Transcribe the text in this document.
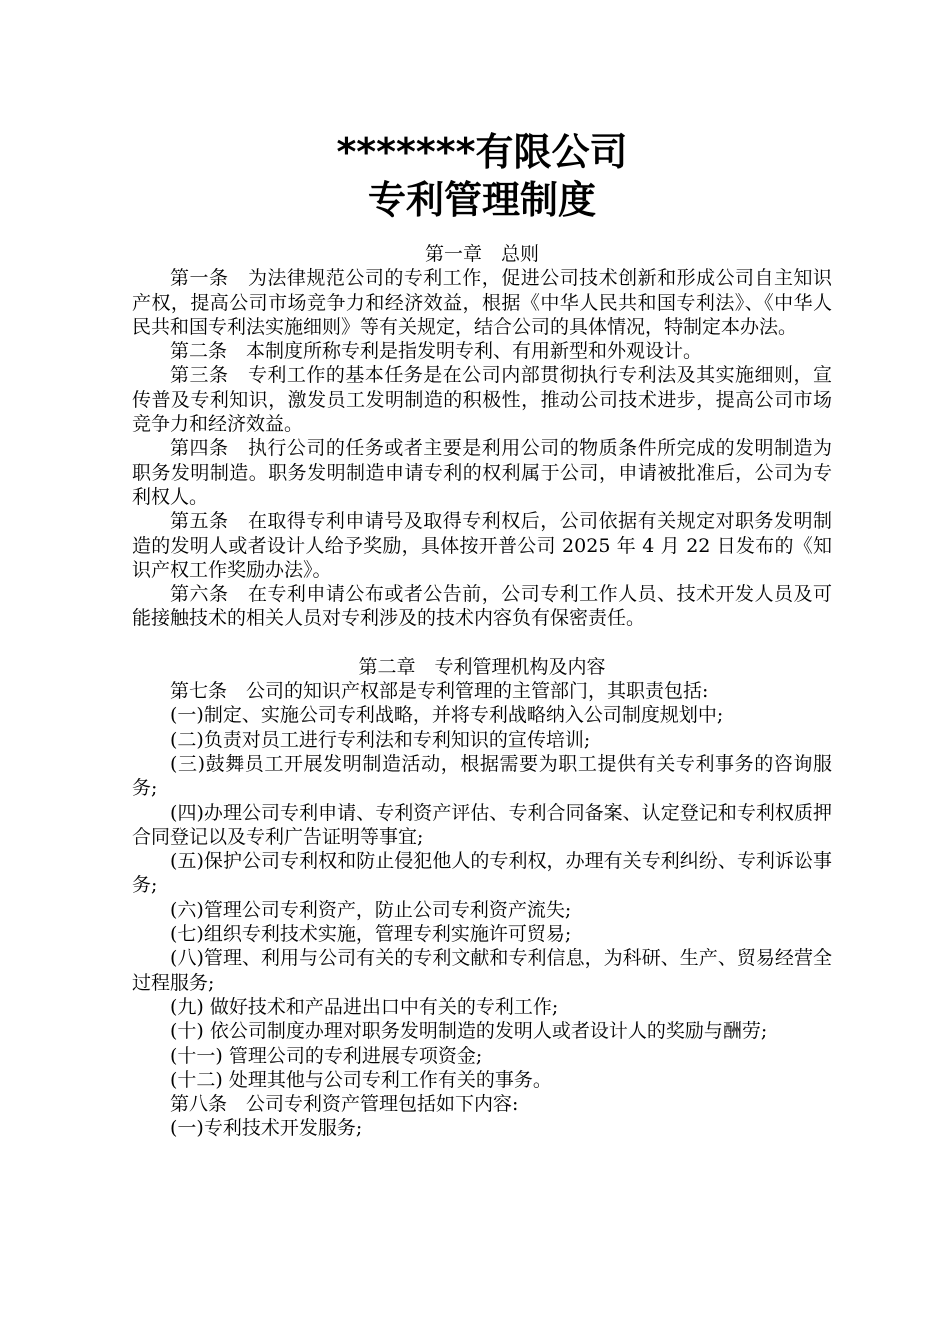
*******有限公司
专利管理制度
第一章　总则

第一条　为法律规范公司的专利工作，促进公司技术创新和形成公司自主知识产权，提高公司市场竞争力和经济效益，根据《中华人民共和国专利法》、《中华人民共和国专利法实施细则》等有关规定，结合公司的具体情况，特制定本办法。

第二条　本制度所称专利是指发明专利、有用新型和外观设计。

第三条　专利工作的基本任务是在公司内部贯彻执行专利法及其实施细则，宣传普及专利知识，激发员工发明制造的积极性，推动公司技术进步，提高公司市场竞争力和经济效益。

第四条　执行公司的任务或者主要是利用公司的物质条件所完成的发明制造为职务发明制造。职务发明制造申请专利的权利属于公司，申请被批准后，公司为专利权人。

第五条　在取得专利申请号及取得专利权后，公司依据有关规定对职务发明制造的发明人或者设计人给予奖励，具体按开普公司 2025 年 4 月 22 日发布的《知识产权工作奖励办法》。

第六条　在专利申请公布或者公告前，公司专利工作人员、技术开发人员及可能接触技术的相关人员对专利涉及的技术内容负有保密责任。

第二章　专利管理机构及内容

第七条　公司的知识产权部是专利管理的主管部门，其职责包括:

(一)制定、实施公司专利战略，并将专利战略纳入公司制度规划中;

(二)负责对员工进行专利法和专利知识的宣传培训;

(三)鼓舞员工开展发明制造活动，根据需要为职工提供有关专利事务的咨询服务;

(四)办理公司专利申请、专利资产评估、专利合同备案、认定登记和专利权质押合同登记以及专利广告证明等事宜;

(五)保护公司专利权和防止侵犯他人的专利权，办理有关专利纠纷、专利诉讼事务;

(六)管理公司专利资产，防止公司专利资产流失;

(七)组织专利技术实施，管理专利实施许可贸易;

(八)管理、利用与公司有关的专利文献和专利信息，为科研、生产、贸易经营全过程服务;

(九) 做好技术和产品进出口中有关的专利工作;

(十) 依公司制度办理对职务发明制造的发明人或者设计人的奖励与酬劳;

(十一) 管理公司的专利进展专项资金;

(十二) 处理其他与公司专利工作有关的事务。

第八条　公司专利资产管理包括如下内容:

(一)专利技术开发服务;
